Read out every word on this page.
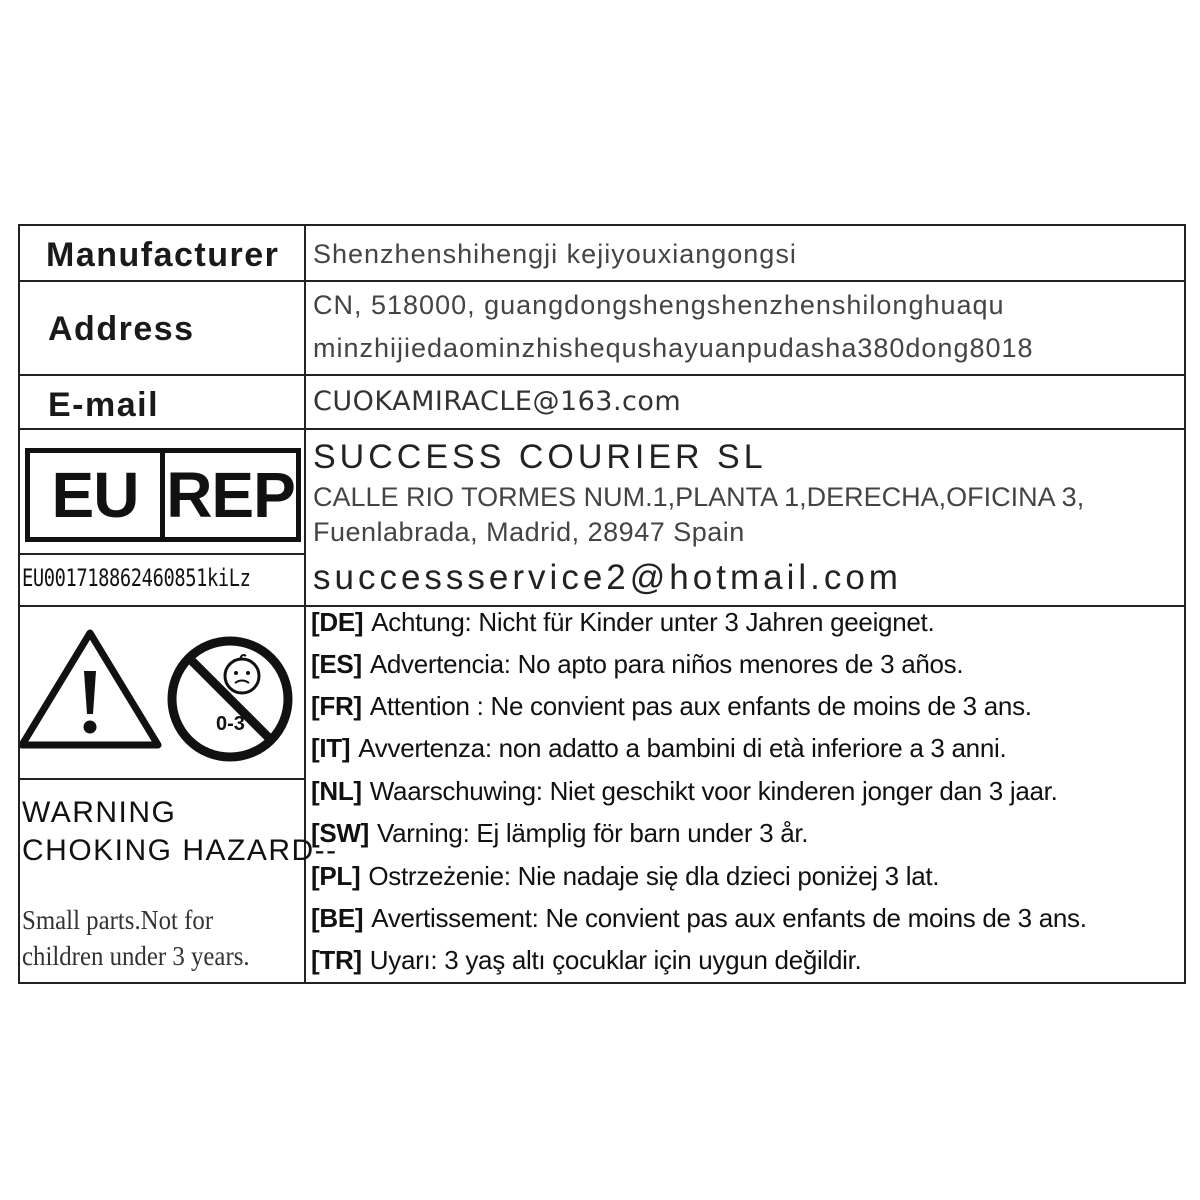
Manufacturer Shenzhenshihengji kejiyouxiangongsi
Address
CN, 518000, guangdongshengshenzhenshilonghuaqu
minzhijiedaominzhishequshayuanpudasha380dong8018
E-mail	CUOKAMIRACLE@163.com
EU REP
EU001718862460851kiLz
SUCCESS COURIER SL
CALLE RIO TORMES NUM.1,PLANTA 1,DERECHA,OFICINA 3,
Fuenlabrada, Madrid, 28947 Spain
successservice2@hotmail.com
0-3
WARNING
CHOKING HAZARD--
Small parts.Not for
children under 3 years.
[DE] Achtung: Nicht für Kinder unter 3 Jahren geeignet.
[ES] Advertencia: No apto para niños menores de 3 años.
[FR] Attention : Ne convient pas aux enfants de moins de 3 ans.
[IT] Avvertenza: non adatto a bambini di età inferiore a 3 anni.
[NL] Waarschuwing: Niet geschikt voor kinderen jonger dan 3 jaar.
[SW] Varning: Ej lämplig för barn under 3 år.
[PL] Ostrzeżenie: Nie nadaje się dla dzieci poniżej 3 lat.
[BE] Avertissement: Ne convient pas aux enfants de moins de 3 ans.
[TR] Uyarı: 3 yaş altı çocuklar için uygun değildir.
